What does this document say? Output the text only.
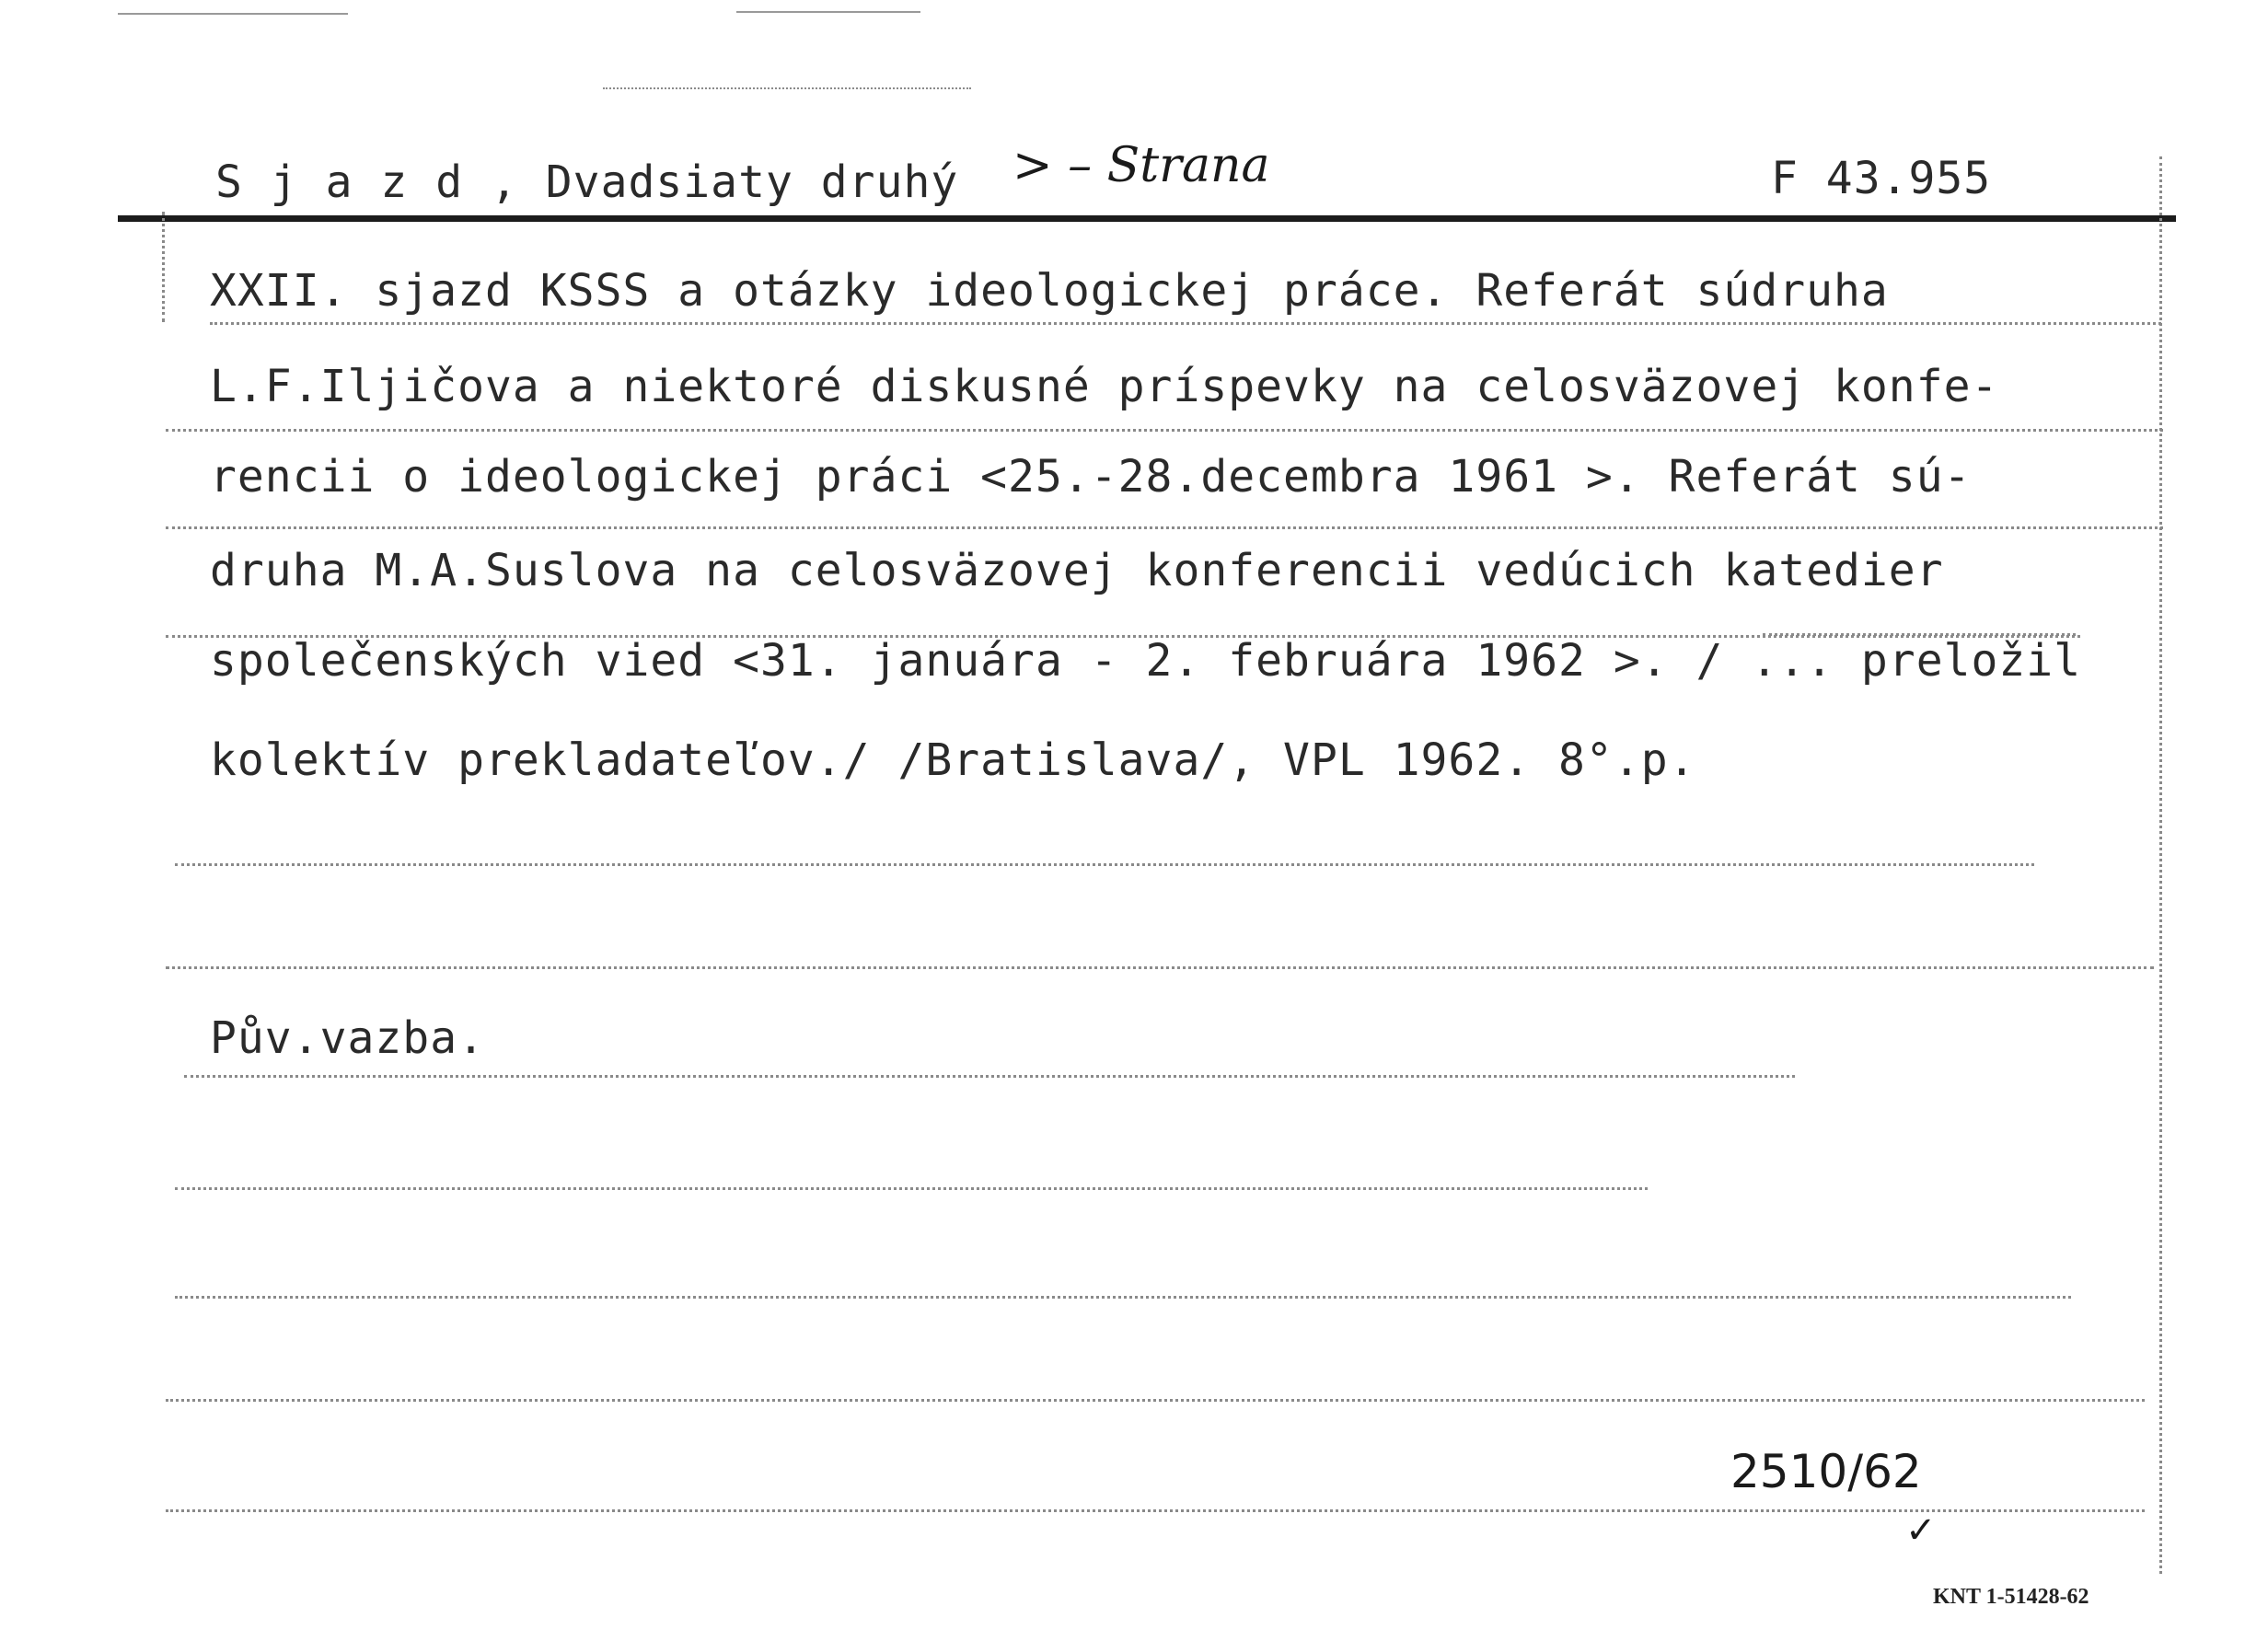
S j a z d , Dvadsiaty druhý > – Strana	F 43.955
XXII. sjazd KSSS a otázky ideologickej práce. Referát súdruha
L.F.Iljičova a niektoré diskusné príspevky na celosväzovej konfe-
rencii o ideologickej práci <25.-28.decembra 1961 >. Referát sú-
druha M.A.Suslova na celosväzovej konferencii vedúcich katedier
společenských vied <31. januára - 2. februára 1962 >. / ... preložil
kolektív prekladateľov./ /Bratislava/, VPL 1962. 8°.p.
Pův.vazba.
2510/62
✓
KNT 1-51428-62
